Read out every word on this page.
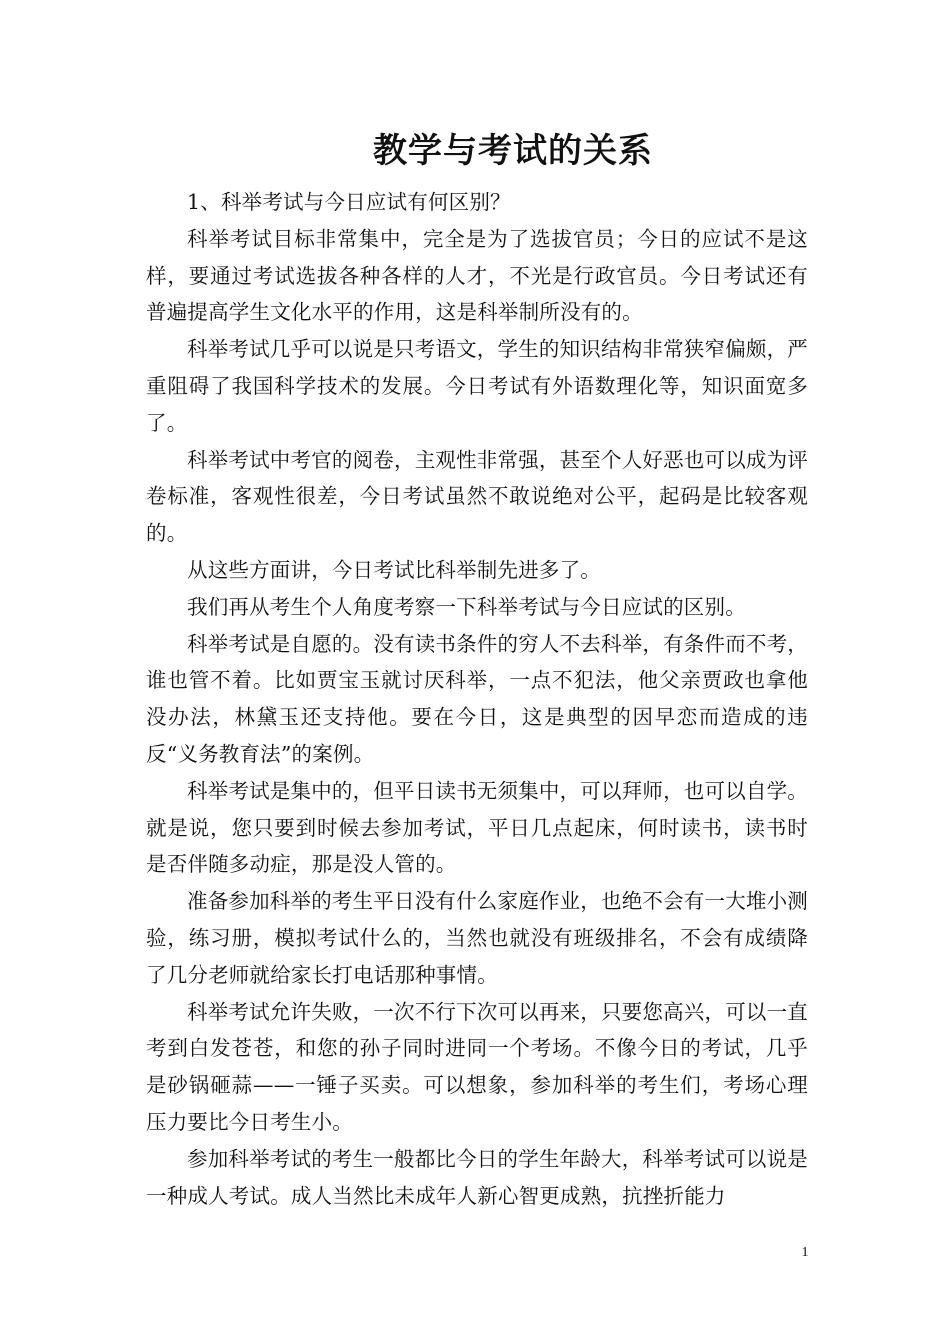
教学与考试的关系

1、科举考试与今日应试有何区别？

科举考试目标非常集中，完全是为了选拔官员；今日的应试不是这样，要通过考试选拔各种各样的人才，不光是行政官员。今日考试还有普遍提高学生文化水平的作用，这是科举制所没有的。

科举考试几乎可以说是只考语文，学生的知识结构非常狭窄偏颇，严重阻碍了我国科学技术的发展。今日考试有外语数理化等，知识面宽多了。

科举考试中考官的阅卷，主观性非常强，甚至个人好恶也可以成为评卷标准，客观性很差，今日考试虽然不敢说绝对公平，起码是比较客观的。

从这些方面讲，今日考试比科举制先进多了。

我们再从考生个人角度考察一下科举考试与今日应试的区别。

科举考试是自愿的。没有读书条件的穷人不去科举，有条件而不考，谁也管不着。比如贾宝玉就讨厌科举，一点不犯法，他父亲贾政也拿他没办法，林黛玉还支持他。要在今日，这是典型的因早恋而造成的违反“义务教育法”的案例。

科举考试是集中的，但平日读书无须集中，可以拜师，也可以自学。就是说，您只要到时候去参加考试，平日几点起床，何时读书，读书时是否伴随多动症，那是没人管的。

准备参加科举的考生平日没有什么家庭作业，也绝不会有一大堆小测验，练习册，模拟考试什么的，当然也就没有班级排名，不会有成绩降了几分老师就给家长打电话那种事情。

科举考试允许失败，一次不行下次可以再来，只要您高兴，可以一直考到白发苍苍，和您的孙子同时进同一个考场。不像今日的考试，几乎是砂锅砸蒜——一锤子买卖。可以想象，参加科举的考生们，考场心理压力要比今日考生小。

参加科举考试的考生一般都比今日的学生年龄大，科举考试可以说是一种成人考试。成人当然比未成年人新心智更成熟，抗挫折能力

1
